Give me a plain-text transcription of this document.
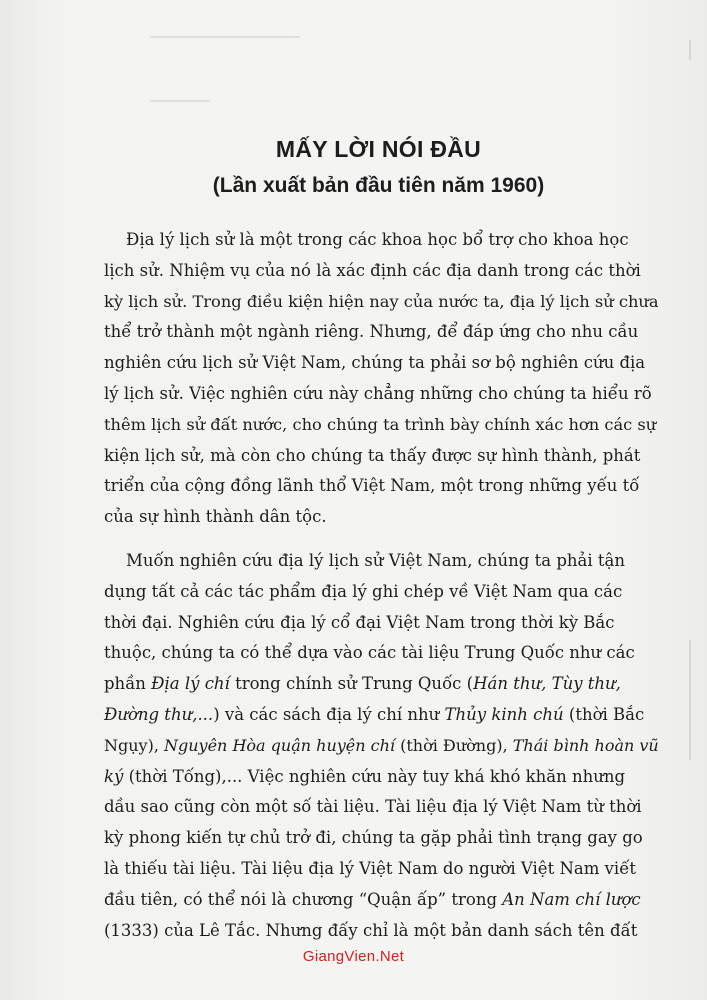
MẤY LỜI NÓI ĐẦU
(Lần xuất bản đầu tiên năm 1960)

Địa lý lịch sử là một trong các khoa học bổ trợ cho khoa học
lịch sử. Nhiệm vụ của nó là xác định các địa danh trong các thời
kỳ lịch sử. Trong điều kiện hiện nay của nước ta, địa lý lịch sử chưa
thể trở thành một ngành riêng. Nhưng, để đáp ứng cho nhu cầu
nghiên cứu lịch sử Việt Nam, chúng ta phải sơ bộ nghiên cứu địa
lý lịch sử. Việc nghiên cứu này chẳng những cho chúng ta hiểu rõ
thêm lịch sử đất nước, cho chúng ta trình bày chính xác hơn các sự
kiện lịch sử, mà còn cho chúng ta thấy được sự hình thành, phát
triển của cộng đồng lãnh thổ Việt Nam, một trong những yếu tố
của sự hình thành dân tộc.

Muốn nghiên cứu địa lý lịch sử Việt Nam, chúng ta phải tận
dụng tất cả các tác phẩm địa lý ghi chép về Việt Nam qua các
thời đại. Nghiên cứu địa lý cổ đại Việt Nam trong thời kỳ Bắc
thuộc, chúng ta có thể dựa vào các tài liệu Trung Quốc như các
phần Địa lý chí trong chính sử Trung Quốc (Hán thư, Tùy thư,
Đường thư,...) và các sách địa lý chí như Thủy kinh chú (thời Bắc
Ngụy), Nguyên Hòa quận huyện chí (thời Đường), Thái bình hoàn vũ
ký (thời Tống),... Việc nghiên cứu này tuy khá khó khăn nhưng
dầu sao cũng còn một số tài liệu. Tài liệu địa lý Việt Nam từ thời
kỳ phong kiến tự chủ trở đi, chúng ta gặp phải tình trạng gay go
là thiếu tài liệu. Tài liệu địa lý Việt Nam do người Việt Nam viết
đầu tiên, có thể nói là chương “Quận ấp” trong An Nam chí lược
(1333) của Lê Tắc. Nhưng đấy chỉ là một bản danh sách tên đất

GiangVien.Net
